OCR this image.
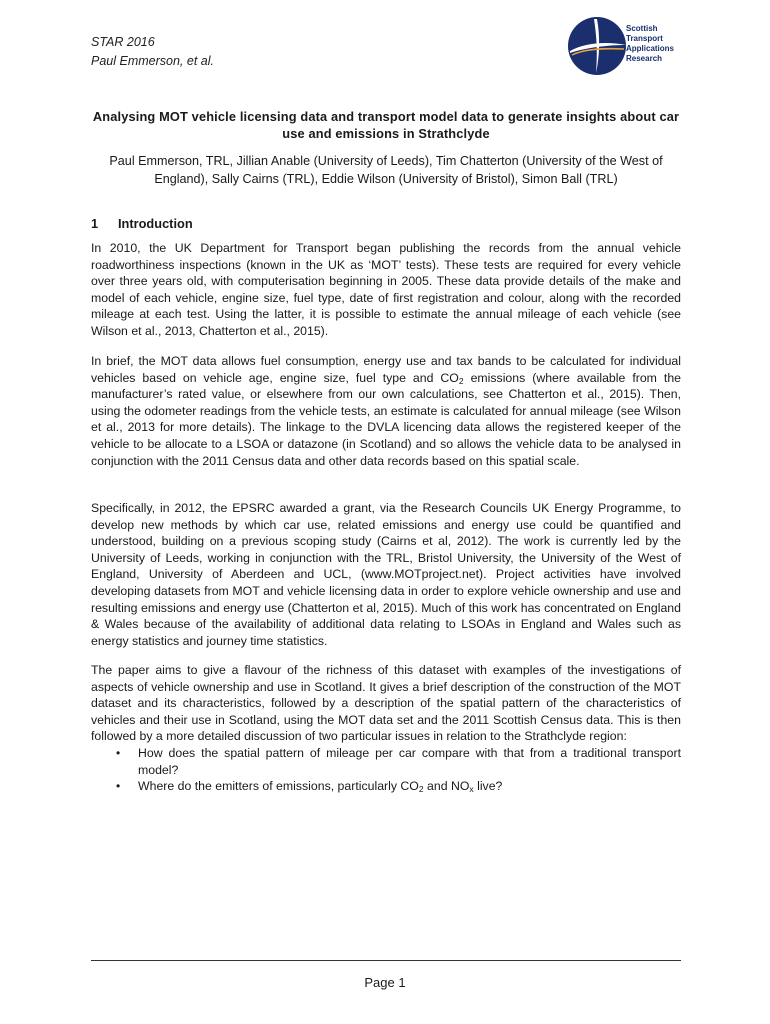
STAR 2016
Paul Emmerson, et al.
Scottish
Transport
Applications
Research
Analysing MOT vehicle licensing data and transport model data to generate insights about car use and emissions in Strathclyde
Paul Emmerson, TRL, Jillian Anable (University of Leeds), Tim Chatterton (University of the West of England), Sally Cairns (TRL), Eddie Wilson (University of Bristol), Simon Ball (TRL)
1 Introduction

In 2010, the UK Department for Transport began publishing the records from the annual vehicle roadworthiness inspections (known in the UK as ‘MOT’ tests). These tests are required for every vehicle over three years old, with computerisation beginning in 2005. These data provide details of the make and model of each vehicle, engine size, fuel type, date of first registration and colour, along with the recorded mileage at each test. Using the latter, it is possible to estimate the annual mileage of each vehicle (see Wilson et al., 2013, Chatterton et al., 2015).

In brief, the MOT data allows fuel consumption, energy use and tax bands to be calculated for individual vehicles based on vehicle age, engine size, fuel type and $CO_2$ emissions (where available from the manufacturer’s rated value, or elsewhere from our own calculations, see Chatterton et al., 2015). Then, using the odometer readings from the vehicle tests, an estimate is calculated for annual mileage (see Wilson et al., 2013 for more details). The linkage to the DVLA licencing data allows the registered keeper of the vehicle to be allocate to a LSOA or datazone (in Scotland) and so allows the vehicle data to be analysed in conjunction with the 2011 Census data and other data records based on this spatial scale.

Specifically, in 2012, the EPSRC awarded a grant, via the Research Councils UK Energy Programme, to develop new methods by which car use, related emissions and energy use could be quantified and understood, building on a previous scoping study (Cairns et al, 2012). The work is currently led by the University of Leeds, working in conjunction with the TRL, Bristol University, the University of the West of England, University of Aberdeen and UCL, (www.MOTproject.net). Project activities have involved developing datasets from MOT and vehicle licensing data in order to explore vehicle ownership and use and resulting emissions and energy use (Chatterton et al, 2015). Much of this work has concentrated on England & Wales because of the availability of additional data relating to LSOAs in England and Wales such as energy statistics and journey time statistics.

The paper aims to give a flavour of the richness of this dataset with examples of the investigations of aspects of vehicle ownership and use in Scotland. It gives a brief description of the construction of the MOT dataset and its characteristics, followed by a description of the spatial pattern of the characteristics of vehicles and their use in Scotland, using the MOT data set and the 2011 Scottish Census data. This is then followed by a more detailed discussion of two particular issues in relation to the Strathclyde region:

• How does the spatial pattern of mileage per car compare with that from a traditional transport model?
• Where do the emitters of emissions, particularly $CO_2$ and $NO_x$ live?
Page 1
